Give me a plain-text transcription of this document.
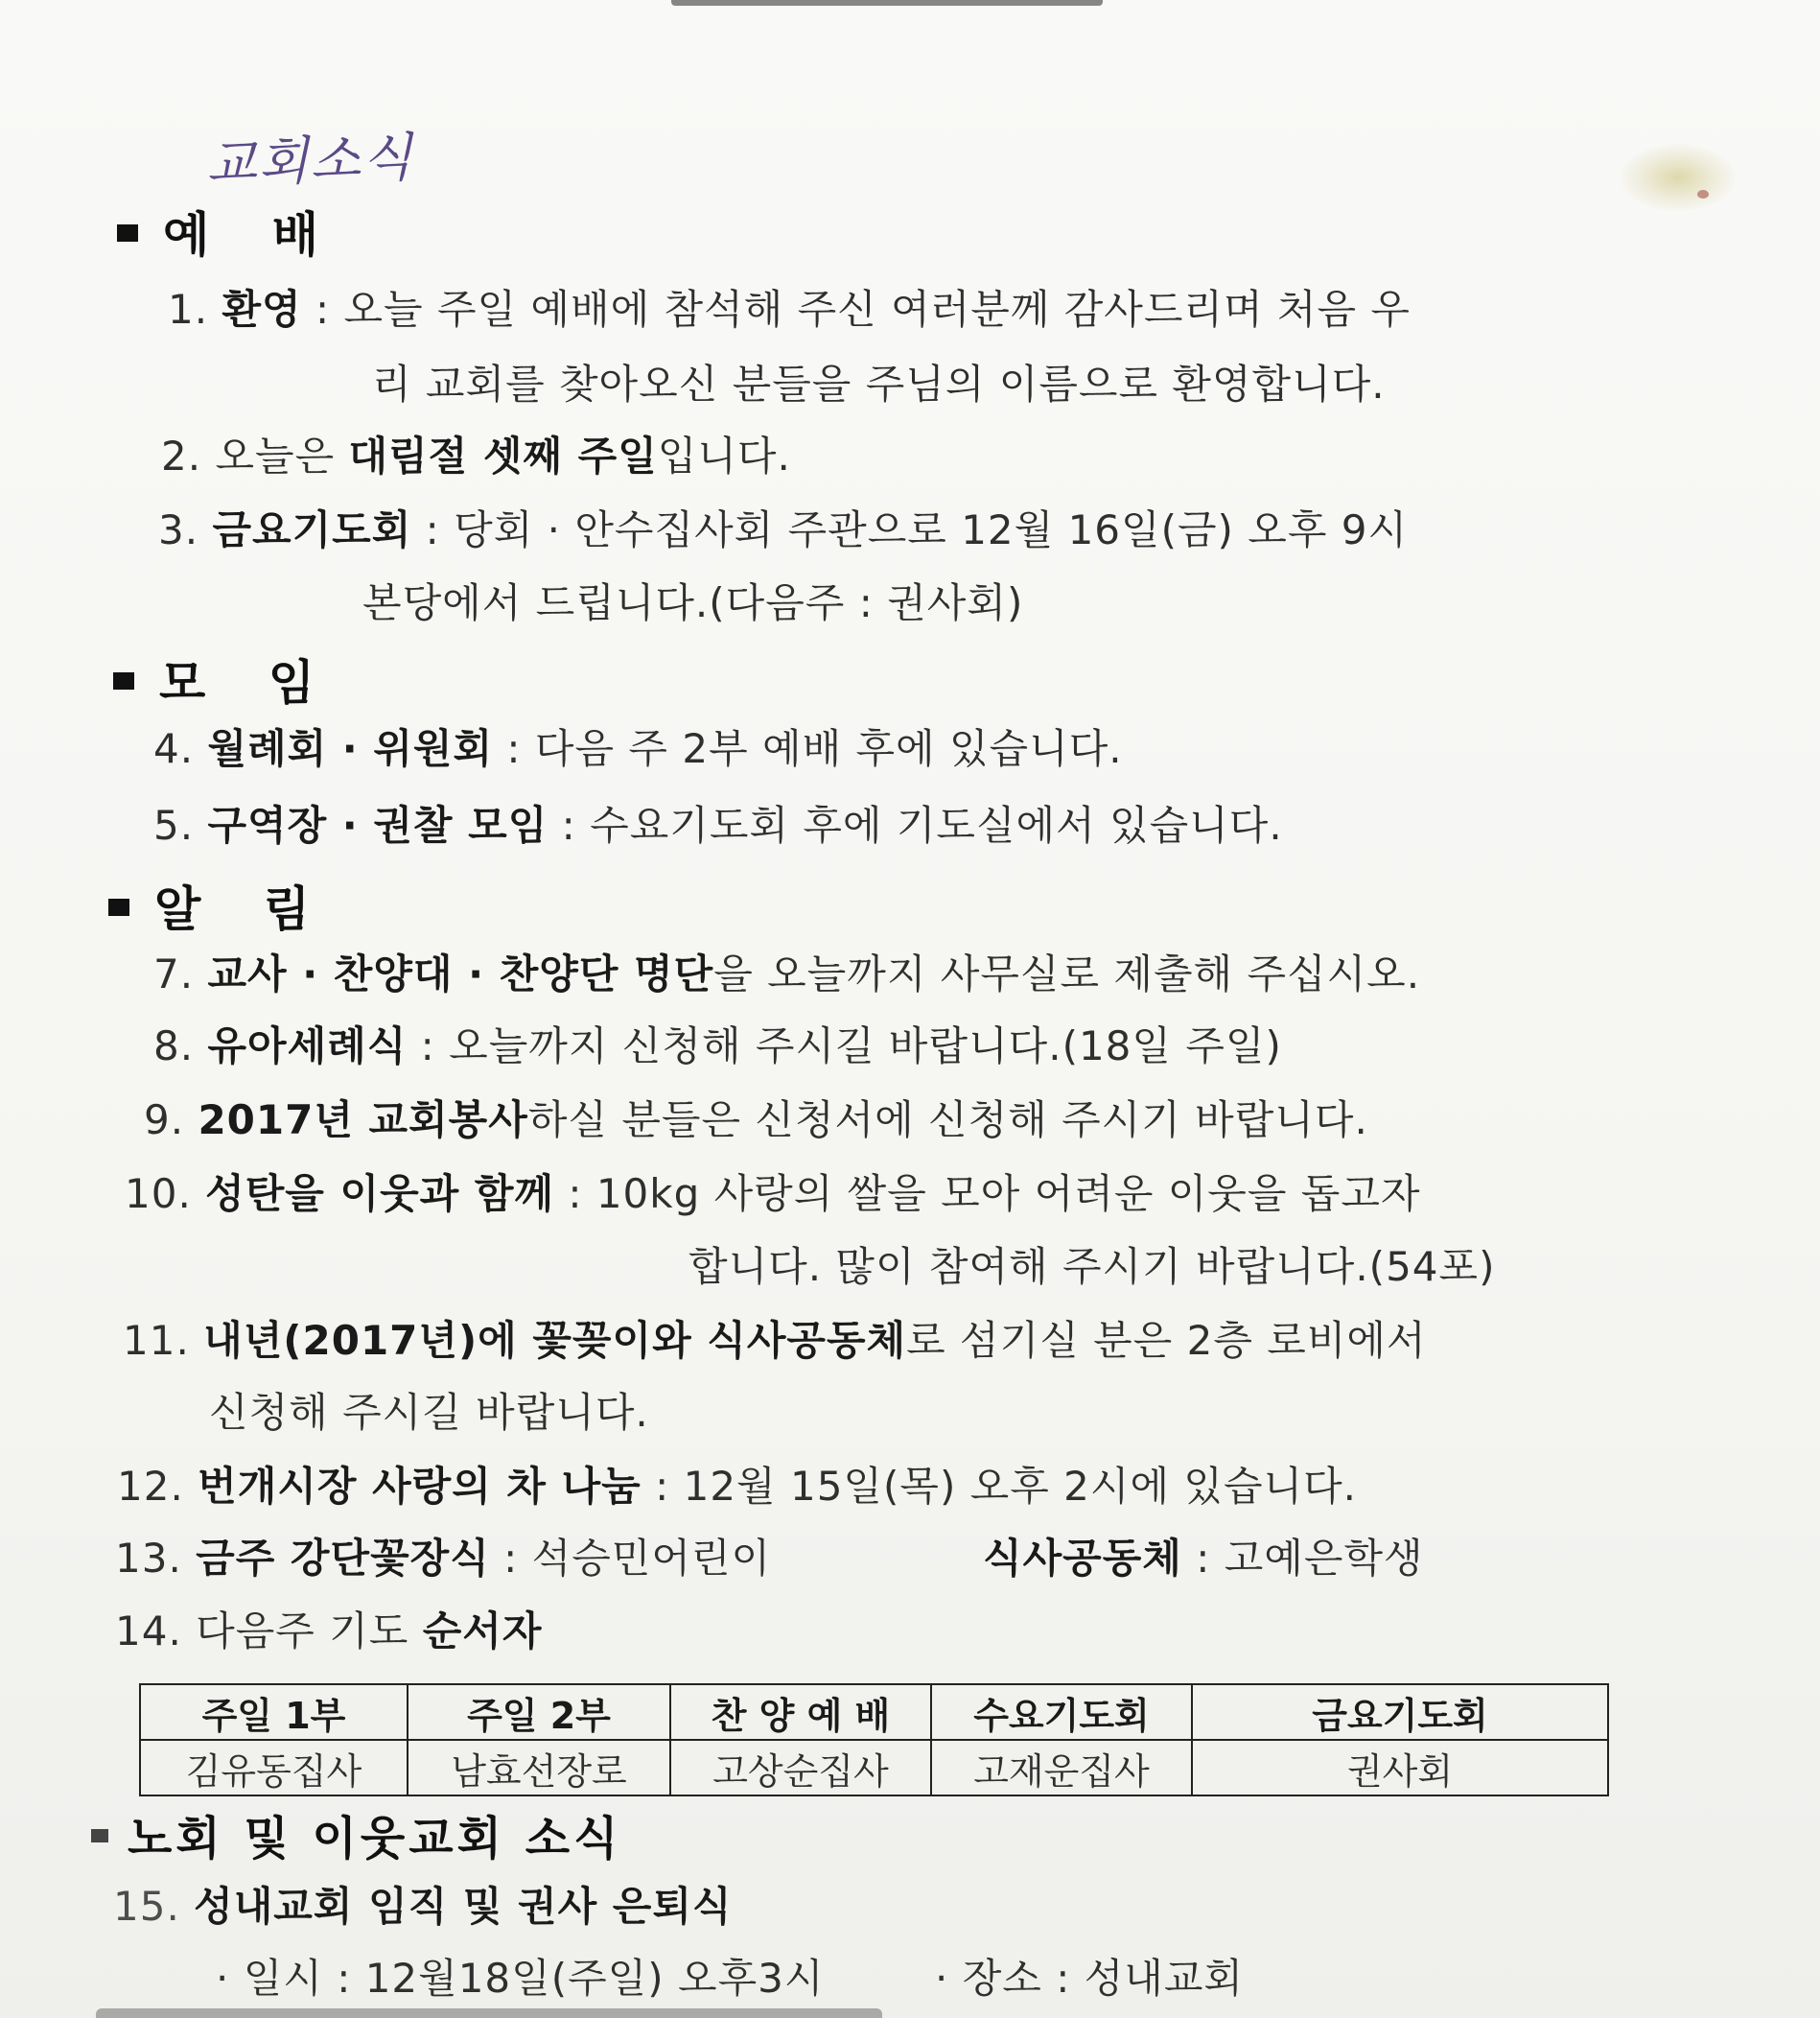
교회소식
예 배
1. 환영 : 오늘 주일 예배에 참석해 주신 여러분께 감사드리며 처음 우
리 교회를 찾아오신 분들을 주님의 이름으로 환영합니다.
2. 오늘은 대림절 셋째 주일입니다.
3. 금요기도회 : 당회 · 안수집사회 주관으로 12월 16일(금) 오후 9시
본당에서 드립니다.(다음주 : 권사회)
모 임
4. 월례회 · 위원회 : 다음 주 2부 예배 후에 있습니다.
5. 구역장 · 권찰 모임 : 수요기도회 후에 기도실에서 있습니다.
알 림
7. 교사 · 찬양대 · 찬양단 명단을 오늘까지 사무실로 제출해 주십시오.
8. 유아세례식 : 오늘까지 신청해 주시길 바랍니다.(18일 주일)
9. 2017년 교회봉사하실 분들은 신청서에 신청해 주시기 바랍니다.
10. 성탄을 이웃과 함께 : 10kg 사랑의 쌀을 모아 어려운 이웃을 돕고자
합니다. 많이 참여해 주시기 바랍니다.(54포)
11. 내년(2017년)에 꽃꽂이와 식사공동체로 섬기실 분은 2층 로비에서
신청해 주시길 바랍니다.
12. 번개시장 사랑의 차 나눔 : 12월 15일(목) 오후 2시에 있습니다.
13. 금주 강단꽃장식 : 석승민어린이	식사공동체 : 고예은학생
14. 다음주 기도 순서자
주일 1부	주일 2부	찬 양 예 배	수요기도회	금요기도회
김유동집사	남효선장로	고상순집사	고재운집사	권사회
노회 및 이웃교회 소식
15. 성내교회 임직 및 권사 은퇴식
· 일시 : 12월18일(주일) 오후3시	· 장소 : 성내교회
